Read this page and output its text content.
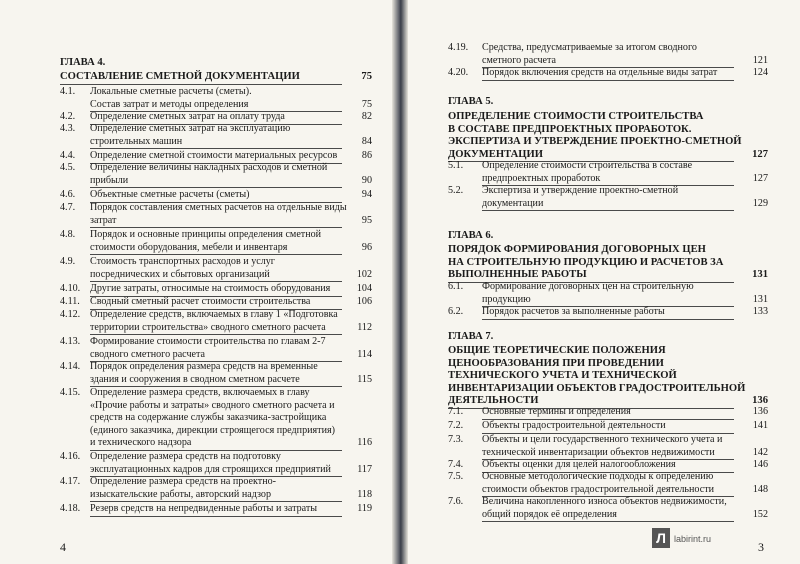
ГЛАВА 4.
СОСТАВЛЕНИЕ СМЕТНОЙ ДОКУМЕНТАЦИИ	75
4.1. Локальные сметные расчеты (сметы).
Состав затрат и методы определения	75
4.2. Определение сметных затрат на оплату труда	82
4.3. Определение сметных затрат на эксплуатацию
строительных машин	84
4.4. Определение сметной стоимости материальных ресурсов	86
4.5. Определение величины накладных расходов и сметной
прибыли	90
4.6. Объектные сметные расчеты (сметы)	94
4.7. Порядок составления сметных расчетов на отдельные виды
затрат	95
4.8. Порядок и основные принципы определения сметной
стоимости оборудования, мебели и инвентаря	96
4.9. Стоимость транспортных расходов и услуг
посреднических и сбытовых организаций	102
4.10. Другие затраты, относимые на стоимость оборудования	104
4.11. Сводный сметный расчет стоимости строительства	106
4.12. Определение средств, включаемых в главу 1 «Подготовка
территории строительства» сводного сметного расчета	112
4.13. Формирование стоимости строительства по главам 2-7
сводного сметного расчета	114
4.14. Порядок определения размера средств на временные
здания и сооружения в сводном сметном расчете	115
4.15. Определение размера средств, включаемых в главу
«Прочие работы и затраты» сводного сметного расчета и
средств на содержание службы заказчика-застройщика
(единого заказчика, дирекции строящегося предприятия)
и технического надзора	116
4.16. Определение размера средств на подготовку
эксплуатационных кадров для строящихся предприятий	117
4.17. Определение размера средств на проектно-
изыскательские работы, авторский надзор	118
4.18. Резерв средств на непредвиденные работы и затраты	119
4
4.19. Средства, предусматриваемые за итогом сводного
сметного расчета	121
4.20. Порядок включения средств на отдельные виды затрат	124
ГЛАВА 5.
ОПРЕДЕЛЕНИЕ СТОИМОСТИ СТРОИТЕЛЬСТВА
В СОСТАВЕ ПРЕДПРОЕКТНЫХ ПРОРАБОТОК.
ЭКСПЕРТИЗА И УТВЕРЖДЕНИЕ ПРОЕКТНО-СМЕТНОЙ
ДОКУМЕНТАЦИИ	127
5.1. Определение стоимости строительства в составе
предпроектных проработок	127
5.2. Экспертиза и утверждение проектно-сметной
документации	129
ГЛАВА 6.
ПОРЯДОК ФОРМИРОВАНИЯ ДОГОВОРНЫХ ЦЕН
НА СТРОИТЕЛЬНУЮ ПРОДУКЦИЮ И РАСЧЕТОВ ЗА
ВЫПОЛНЕННЫЕ РАБОТЫ	131
6.1. Формирование договорных цен на строительную
продукцию	131
6.2. Порядок расчетов за выполненные работы	133
ГЛАВА 7.
ОБЩИЕ ТЕОРЕТИЧЕСКИЕ ПОЛОЖЕНИЯ
ЦЕНООБРАЗОВАНИЯ ПРИ ПРОВЕДЕНИИ
ТЕХНИЧЕСКОГО УЧЕТА И ТЕХНИЧЕСКОЙ
ИНВЕНТАРИЗАЦИИ ОБЪЕКТОВ ГРАДОСТРОИТЕЛЬНОЙ
ДЕЯТЕЛЬНОСТИ	136
7.1. Основные термины и определения	136
7.2. Объекты градостроительной деятельности	141
7.3. Объекты и цели государственного технического учета и
технической инвентаризации объектов недвижимости	142
7.4. Объекты оценки для целей налогообложения	146
7.5. Основные методологические подходы к определению
стоимости объектов градостроительной деятельности	148
7.6. Величина накопленного износа объектов недвижимости,
общий порядок её определения	152
3
Л labirint.ru
